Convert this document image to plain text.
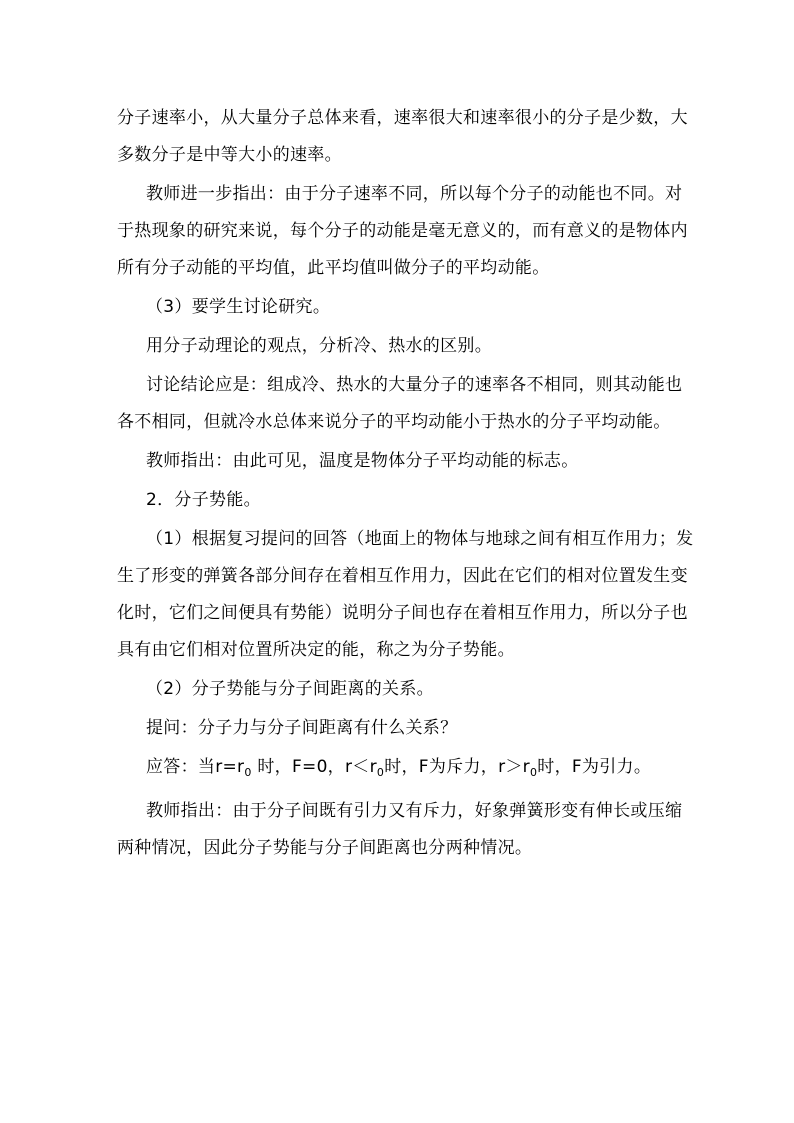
分子速率小，从大量分子总体来看，速率很大和速率很小的分子是少数，大多数分子是中等大小的速率。

教师进一步指出：由于分子速率不同，所以每个分子的动能也不同。对于热现象的研究来说，每个分子的动能是毫无意义的，而有意义的是物体内所有分子动能的平均值，此平均值叫做分子的平均动能。

（3）要学生讨论研究。

用分子动理论的观点，分析冷、热水的区别。

讨论结论应是：组成冷、热水的大量分子的速率各不相同，则其动能也各不相同，但就冷水总体来说分子的平均动能小于热水的分子平均动能。

教师指出：由此可见，温度是物体分子平均动能的标志。

2．分子势能。

（1）根据复习提问的回答（地面上的物体与地球之间有相互作用力；发生了形变的弹簧各部分间存在着相互作用力，因此在它们的相对位置发生变化时，它们之间便具有势能）说明分子间也存在着相互作用力，所以分子也具有由它们相对位置所决定的能，称之为分子势能。

（2）分子势能与分子间距离的关系。

提问：分子力与分子间距离有什么关系？

应答：当$r=r_0$ 时，F=0，$r<r_0$时，F为斥力，$r>r_0$时，F为引力。

教师指出：由于分子间既有引力又有斥力，好象弹簧形变有伸长或压缩两种情况，因此分子势能与分子间距离也分两种情况。
